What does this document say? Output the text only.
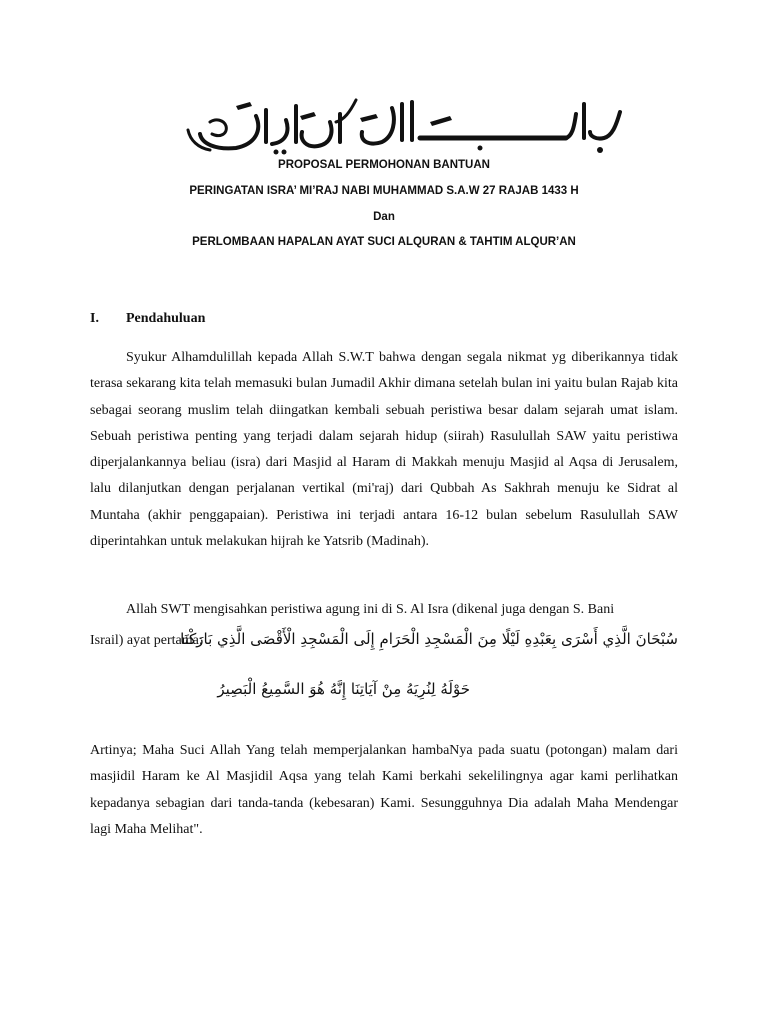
PROPOSAL PERMOHONAN BANTUAN
PERINGATAN ISRA’ MI’RAJ NABI MUHAMMAD S.A.W 27 RAJAB 1433 H
Dan
PERLOMBAAN HAPALAN AYAT SUCI ALQURAN & TAHTIM ALQUR’AN
I. Pendahuluan

Syukur Alhamdulillah kepada Allah S.W.T bahwa dengan segala nikmat yg diberikannya tidak terasa sekarang kita telah memasuki bulan Jumadil Akhir dimana setelah bulan ini yaitu bulan Rajab kita sebagai seorang muslim telah diingatkan kembali sebuah peristiwa besar dalam sejarah umat islam. Sebuah peristiwa penting yang terjadi dalam sejarah hidup (siirah) Rasulullah SAW yaitu peristiwa diperjalankannya beliau (isra) dari Masjid al Haram di Makkah menuju Masjid al Aqsa di Jerusalem, lalu dilanjutkan dengan perjalanan vertikal (mi'raj) dari Qubbah As Sakhrah menuju ke Sidrat al Muntaha (akhir penggapaian). Peristiwa ini terjadi antara 16-12 bulan sebelum Rasulullah SAW diperintahkan untuk melakukan hijrah ke Yatsrib (Madinah).

Allah SWT mengisahkan peristiwa agung ini di S. Al Isra (dikenal juga dengan S. Bani

Israil) ayat pertama:
سُبْحَانَ الَّذِي أَسْرَى بِعَبْدِهِ لَيْلًا مِنَ الْمَسْجِدِ الْحَرَامِ إِلَى الْمَسْجِدِ الْأَقْصَى الَّذِي بَارَكْنَا
حَوْلَهُ لِنُرِيَهُ مِنْ آيَاتِنَا إِنَّهُ هُوَ السَّمِيعُ الْبَصِيرُ

Artinya; Maha Suci Allah Yang telah memperjalankan hambaNya pada suatu (potongan) malam dari masjidil Haram ke Al Masjidil Aqsa yang telah Kami berkahi sekelilingnya agar kami perlihatkan kepadanya sebagian dari tanda-tanda (kebesaran) Kami. Sesungguhnya Dia adalah Maha Mendengar lagi Maha Melihat".
